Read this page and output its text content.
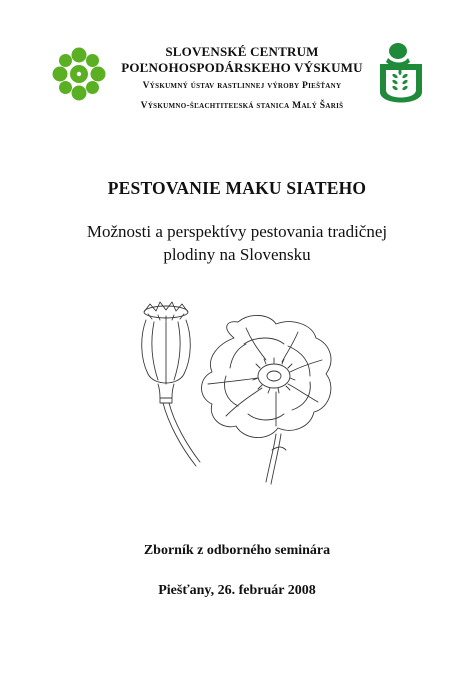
SLOVENSKÉ CENTRUM
POĽNOHOSPODÁRSKEHO VÝSKUMU
Výskumný ústav rastlinnej výroby Piešťany
Výskumno-šľachtiteľská stanica Malý Šariš
PESTOVANIE MAKU SIATEHO
Možnosti a perspektívy pestovania tradičnej plodiny na Slovensku
Zborník z odborného seminára
Piešťany, 26. február 2008
